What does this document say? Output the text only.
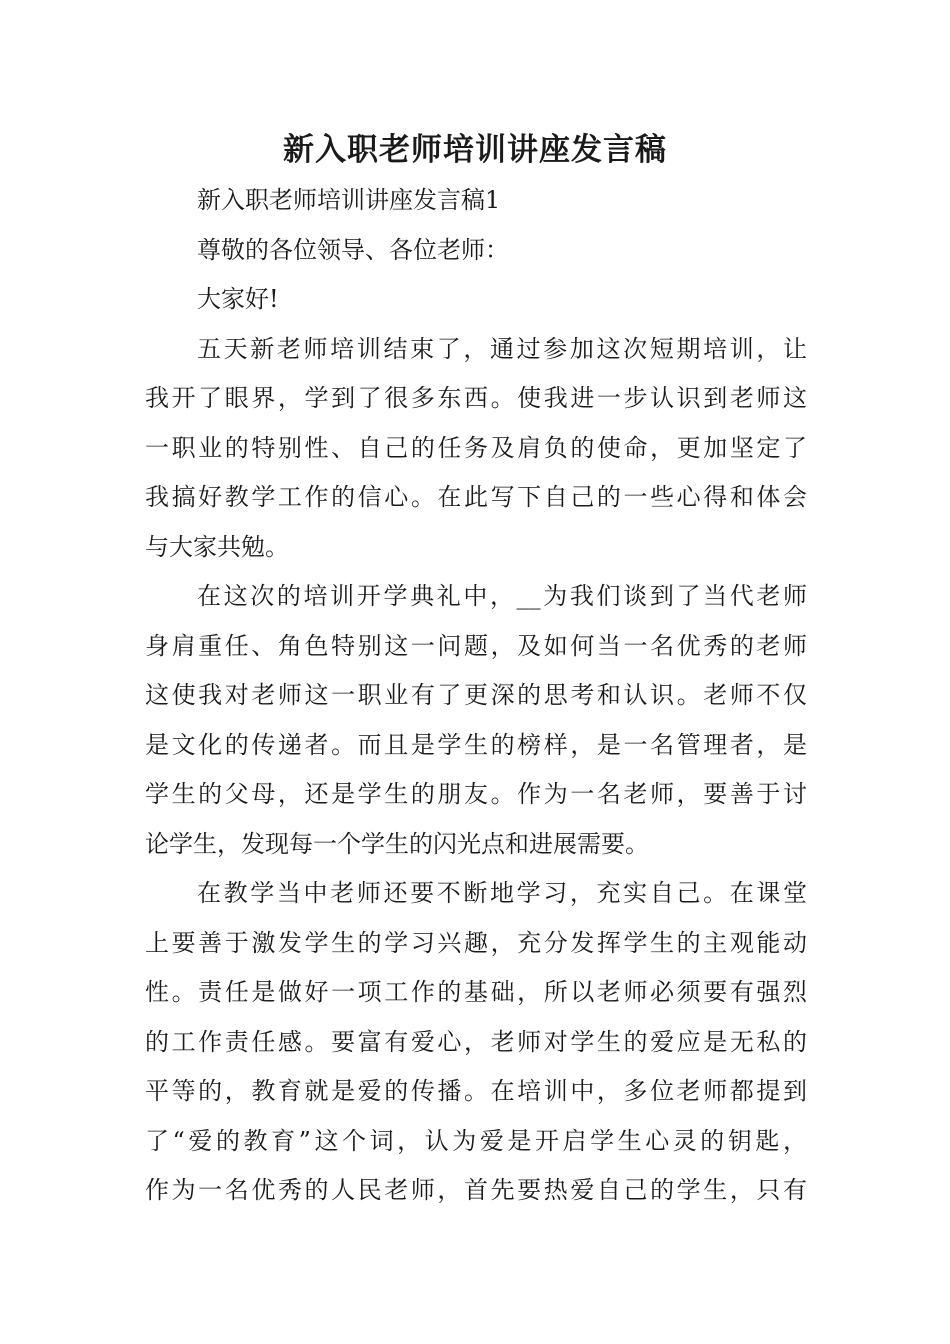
新入职老师培训讲座发言稿
新入职老师培训讲座发言稿1
尊敬的各位领导、各位老师：
大家好!
五天新老师培训结束了，通过参加这次短期培训，让
我开了眼界，学到了很多东西。使我进一步认识到老师这
一职业的特别性、自己的任务及肩负的使命，更加坚定了
我搞好教学工作的信心。在此写下自己的一些心得和体会
与大家共勉。
在这次的培训开学典礼中，__为我们谈到了当代老师
身肩重任、角色特别这一问题，及如何当一名优秀的老师
这使我对老师这一职业有了更深的思考和认识。老师不仅
是文化的传递者。而且是学生的榜样，是一名管理者，是
学生的父母，还是学生的朋友。作为一名老师，要善于讨
论学生，发现每一个学生的闪光点和进展需要。
在教学当中老师还要不断地学习，充实自己。在课堂
上要善于激发学生的学习兴趣，充分发挥学生的主观能动
性。责任是做好一项工作的基础，所以老师必须要有强烈
的工作责任感。要富有爱心，老师对学生的爱应是无私的
平等的，教育就是爱的传播。在培训中，多位老师都提到
了“爱的教育”这个词，认为爱是开启学生心灵的钥匙，
作为一名优秀的人民老师，首先要热爱自己的学生，只有
